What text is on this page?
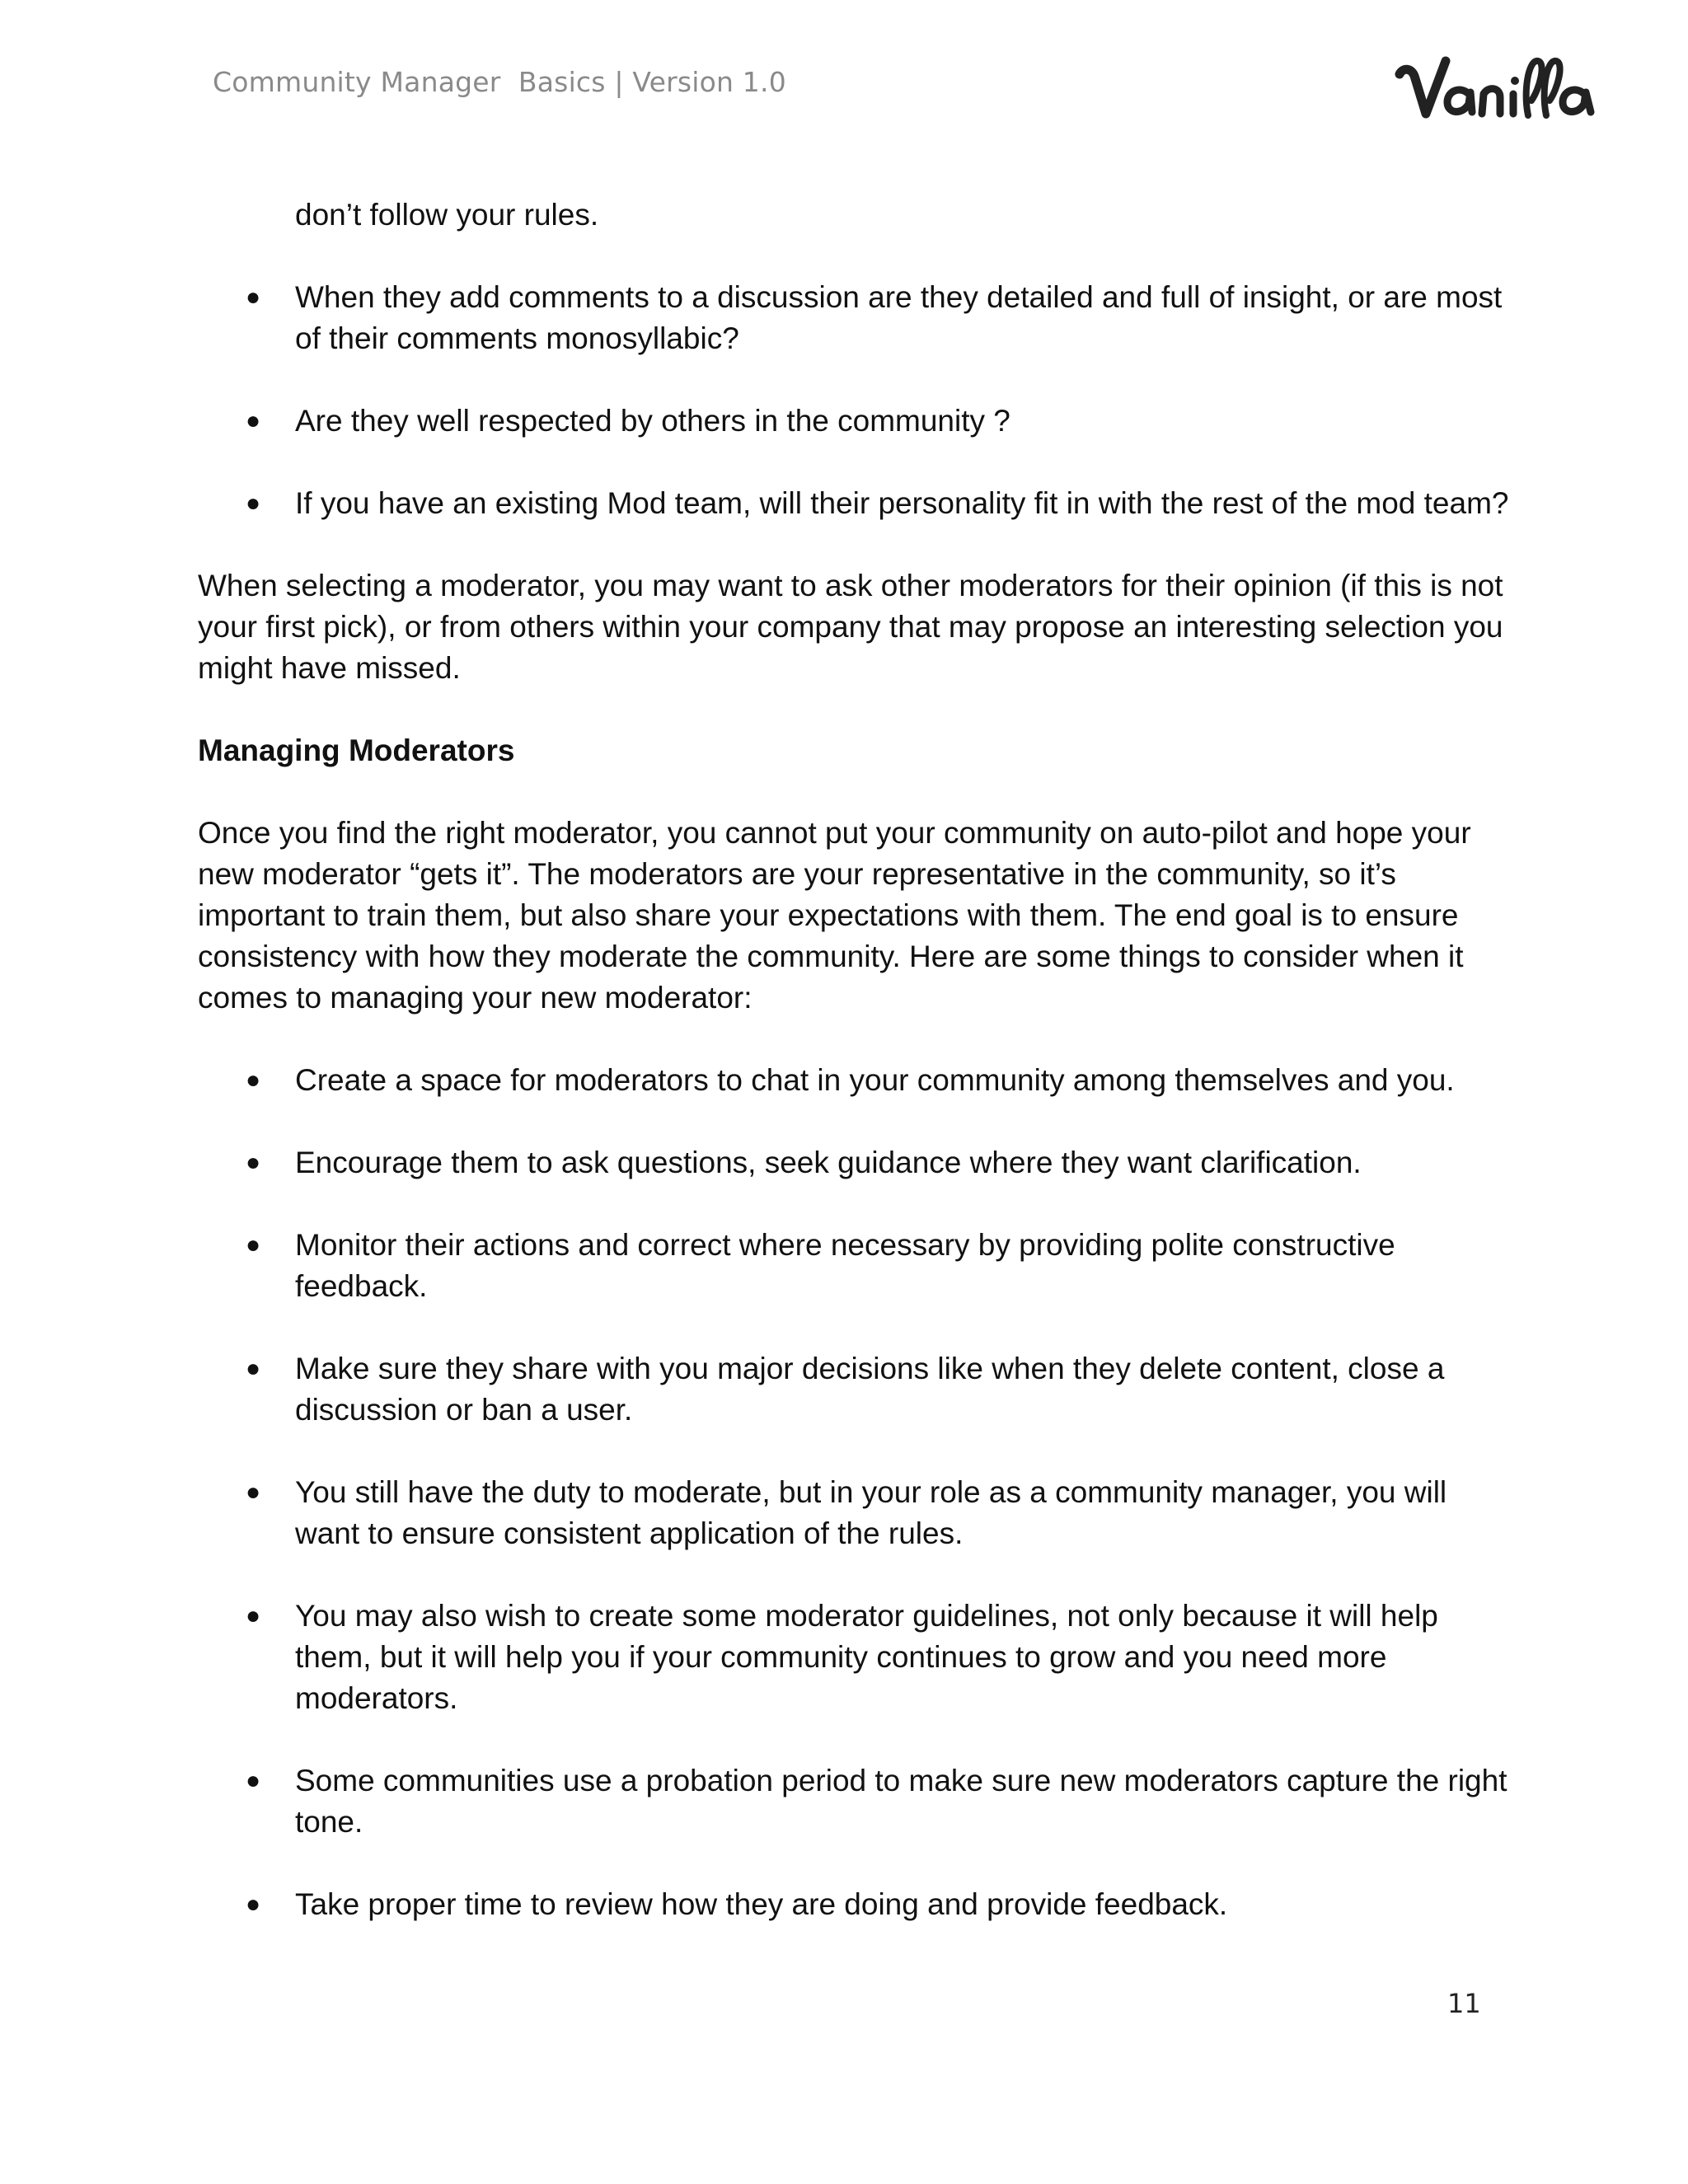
Community Manager  Basics | Version 1.0
don’t follow your rules.
● When they add comments to a discussion are they detailed and full of insight, or are most of their comments monosyllabic?
● Are they well respected by others in the community ?
● If you have an existing Mod team, will their personality fit in with the rest of the mod team?

When selecting a moderator, you may want to ask other moderators for their opinion (if this is not your first pick), or from others within your company that may propose an interesting selection you might have missed.

Managing Moderators

Once you find the right moderator, you cannot put your community on auto-pilot and hope your new moderator “gets it”. The moderators are your representative in the community, so it’s important to train them, but also share your expectations with them. The end goal is to ensure consistency with how they moderate the community. Here are some things to consider when it comes to managing your new moderator:

● Create a space for moderators to chat in your community among themselves and you.
● Encourage them to ask questions, seek guidance where they want clarification.
● Monitor their actions and correct where necessary by providing polite constructive feedback.
● Make sure they share with you major decisions like when they delete content, close a discussion or ban a user.
● You still have the duty to moderate, but in your role as a community manager, you will want to ensure consistent application of the rules.
● You may also wish to create some moderator guidelines, not only because it will help them, but it will help you if your community continues to grow and you need more moderators.
● Some communities use a probation period to make sure new moderators capture the right tone.
● Take proper time to review how they are doing and provide feedback.
11
